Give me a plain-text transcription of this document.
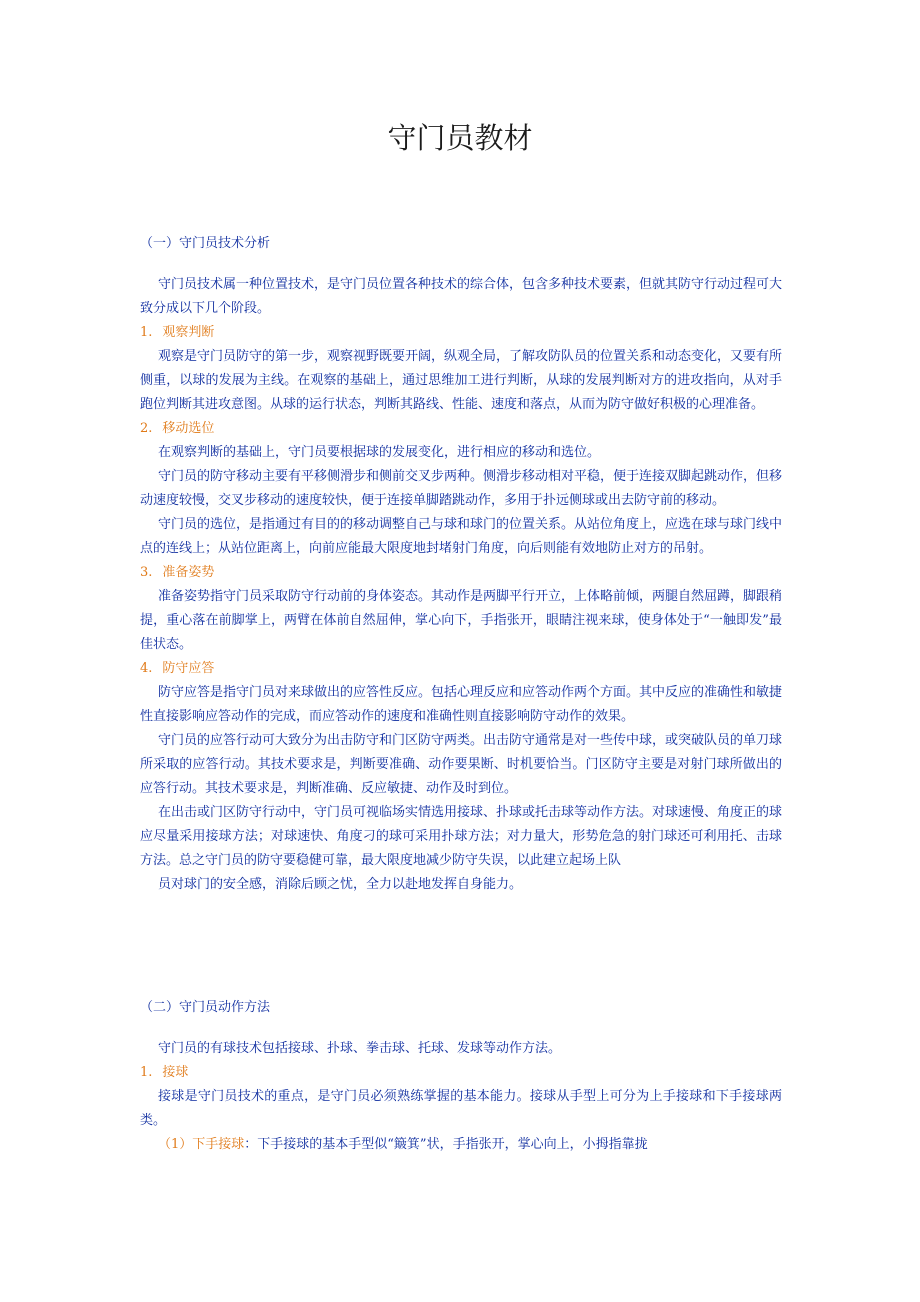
守门员教材

（一）守门员技术分析

守门员技术属一种位置技术，是守门员位置各种技术的综合体，包含多种技术要素，但就其防守行动过程可大致分成以下几个阶段。

1. 观察判断

观察是守门员防守的第一步，观察视野既要开阔，纵观全局，了解攻防队员的位置关系和动态变化，又要有所侧重，以球的发展为主线。在观察的基础上，通过思维加工进行判断，从球的发展判断对方的进攻指向，从对手跑位判断其进攻意图。从球的运行状态，判断其路线、性能、速度和落点，从而为防守做好积极的心理准备。

2. 移动选位

在观察判断的基础上，守门员要根据球的发展变化，进行相应的移动和选位。

守门员的防守移动主要有平移侧滑步和侧前交叉步两种。侧滑步移动相对平稳，便于连接双脚起跳动作，但移动速度较慢，交叉步移动的速度较快，便于连接单脚踏跳动作，多用于扑远侧球或出去防守前的移动。

守门员的选位，是指通过有目的的移动调整自己与球和球门的位置关系。从站位角度上，应选在球与球门线中点的连线上；从站位距离上，向前应能最大限度地封堵射门角度，向后则能有效地防止对方的吊射。

3. 准备姿势

准备姿势指守门员采取防守行动前的身体姿态。其动作是两脚平行开立，上体略前倾，两腿自然屈蹲，脚跟稍提，重心落在前脚掌上，两臂在体前自然屈伸，掌心向下，手指张开，眼睛注视来球，使身体处于“一触即发”最佳状态。

4. 防守应答

防守应答是指守门员对来球做出的应答性反应。包括心理反应和应答动作两个方面。其中反应的准确性和敏捷性直接影响应答动作的完成，而应答动作的速度和准确性则直接影响防守动作的效果。

守门员的应答行动可大致分为出击防守和门区防守两类。出击防守通常是对一些传中球，或突破队员的单刀球所采取的应答行动。其技术要求是，判断要准确、动作要果断、时机要恰当。门区防守主要是对射门球所做出的应答行动。其技术要求是，判断准确、反应敏捷、动作及时到位。

在出击或门区防守行动中，守门员可视临场实情选用接球、扑球或托击球等动作方法。对球速慢、角度正的球应尽量采用接球方法；对球速快、角度刁的球可采用扑球方法；对力量大，形势危急的射门球还可利用托、击球方法。总之守门员的防守要稳健可靠，最大限度地减少防守失误，以此建立起场上队

员对球门的安全感，消除后顾之忧，全力以赴地发挥自身能力。

（二）守门员动作方法

守门员的有球技术包括接球、扑球、拳击球、托球、发球等动作方法。

1. 接球

接球是守门员技术的重点，是守门员必须熟练掌握的基本能力。接球从手型上可分为上手接球和下手接球两类。

（1）下手接球：下手接球的基本手型似“簸箕”状，手指张开，掌心向上，小拇指靠拢
